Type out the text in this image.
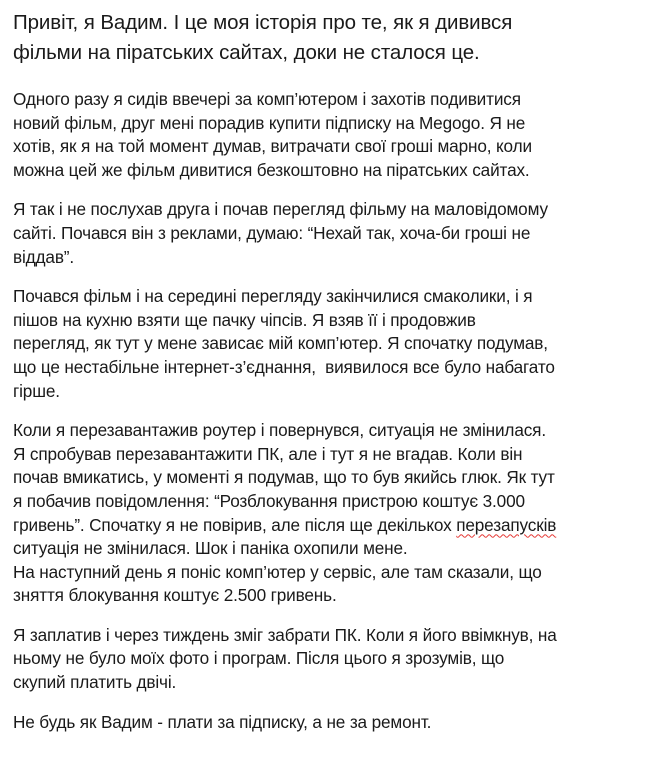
Привіт, я Вадим. І це моя історія про те, як я дивився
фільми на піратських сайтах, доки не сталося це.

Одного разу я сидів ввечері за комп’ютером і захотів подивитися
новий фільм, друг мені порадив купити підписку на Megogo. Я не
хотів, як я на той момент думав, витрачати свої гроші марно, коли
можна цей же фільм дивитися безкоштовно на піратських сайтах.

Я так і не послухав друга і почав перегляд фільму на маловідомому
сайті. Почався він з реклами, думаю: “Нехай так, хоча-би гроші не
віддав”.

Почався фільм і на середині перегляду закінчилися смаколики, і я
пішов на кухню взяти ще пачку чіпсів. Я взяв її і продовжив
перегляд, як тут у мене зависає мій комп’ютер. Я спочатку подумав,
що це нестабільне інтернет-з’єднання,  виявилося все було набагато
гірше.

Коли я перезавантажив роутер і повернувся, ситуація не змінилася.
Я спробував перезавантажити ПК, але і тут я не вгадав. Коли він
почав вмикатись, у моменті я подумав, що то був якийсь глюк. Як тут
я побачив повідомлення: “Розблокування пристрою коштує 3.000
гривень”. Спочатку я не повірив, але після ще декількох перезапусків
ситуація не змінилася. Шок і паніка охопили мене.
На наступний день я поніс комп’ютер у сервіс, але там сказали, що
зняття блокування коштує 2.500 гривень.

Я заплатив і через тиждень зміг забрати ПК. Коли я його ввімкнув, на
ньому не було моїх фото і програм. Після цього я зрозумів, що
скупий платить двічі.

Не будь як Вадим - плати за підписку, а не за ремонт.
